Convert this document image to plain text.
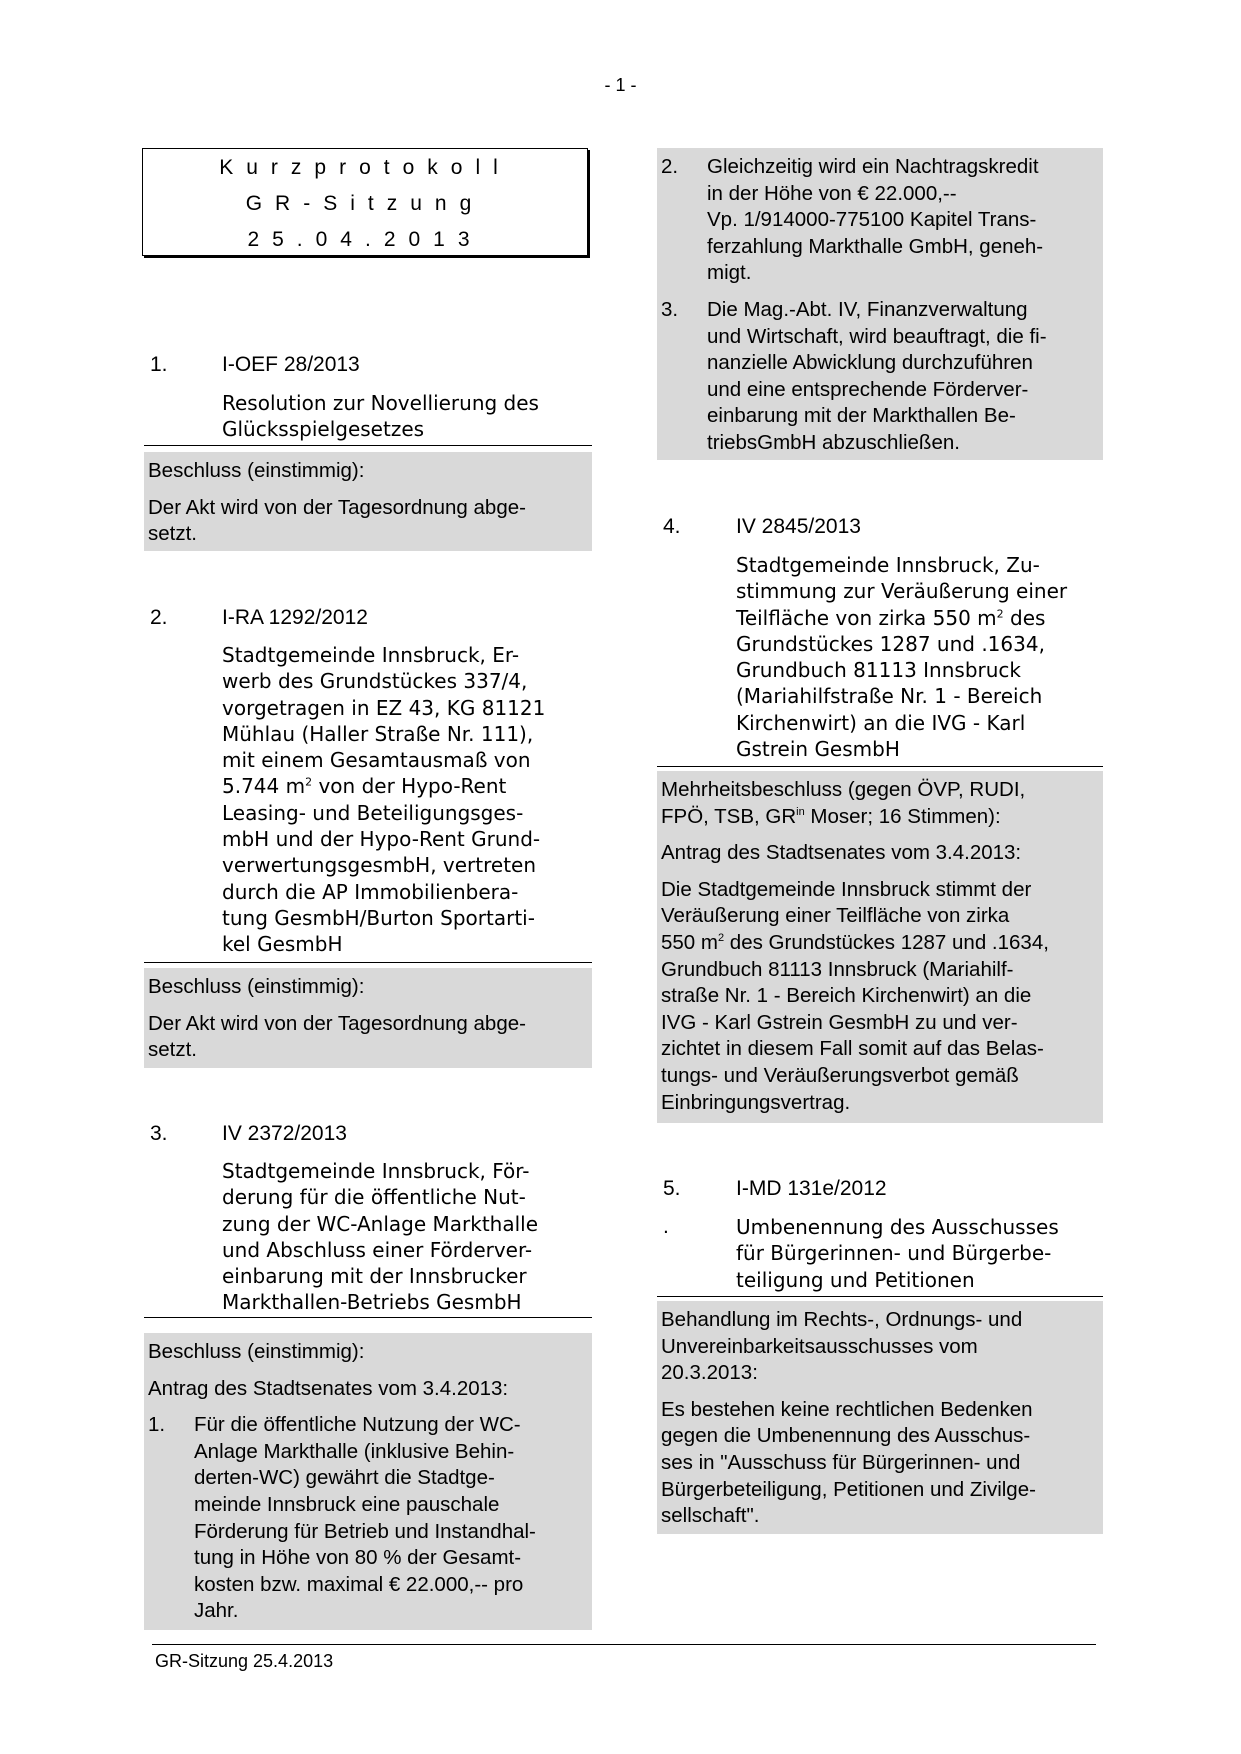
- 1 -
Kurzprotokoll
GR-Sitzung
25.04.2013
1.	I-OEF 28/2013
Resolution zur Novellierung des
Glücksspielgesetzes

Beschluss (einstimmig):

Der Akt wird von der Tagesordnung abge-
setzt.

2.	I-RA 1292/2012
Stadtgemeinde Innsbruck, Er-
werb des Grundstückes 337/4,
vorgetragen in EZ 43, KG 81121
Mühlau (Haller Straße Nr. 111),
mit einem Gesamtausmaß von
5.744 $m^2$ von der Hypo-Rent
Leasing- und Beteiligungsges-
mbH und der Hypo-Rent Grund-
verwertungsgesmbH, vertreten
durch die AP Immobilienbera-
tung GesmbH/Burton Sportarti-
kel GesmbH

Beschluss (einstimmig):

Der Akt wird von der Tagesordnung abge-
setzt.

3.	IV 2372/2013
Stadtgemeinde Innsbruck, För-
derung für die öffentliche Nut-
zung der WC-Anlage Markthalle
und Abschluss einer Förderver-
einbarung mit der Innsbrucker
Markthallen-Betriebs GesmbH

Beschluss (einstimmig):

Antrag des Stadtsenates vom 3.4.2013:

1.	Für die öffentliche Nutzung der WC-
Anlage Markthalle (inklusive Behin-
derten-WC) gewährt die Stadtge-
meinde Innsbruck eine pauschale
Förderung für Betrieb und Instandhal-
tung in Höhe von 80 % der Gesamt-
kosten bzw. maximal € 22.000,-- pro
Jahr.
2.	Gleichzeitig wird ein Nachtragskredit
in der Höhe von € 22.000,--
Vp. 1/914000-775100 Kapitel Trans-
ferzahlung Markthalle GmbH, geneh-
migt.
3.	Die Mag.-Abt. IV, Finanzverwaltung
und Wirtschaft, wird beauftragt, die fi-
nanzielle Abwicklung durchzuführen
und eine entsprechende Förderver-
einbarung mit der Markthallen Be-
triebsGmbH abzuschließen.
4.	IV 2845/2013
Stadtgemeinde Innsbruck, Zu-
stimmung zur Veräußerung einer
Teilfläche von zirka 550 $m^2$ des
Grundstückes 1287 und .1634,
Grundbuch 81113 Innsbruck
(Mariahilfstraße Nr. 1 - Bereich
Kirchenwirt) an die IVG - Karl
Gstrein GesmbH

Mehrheitsbeschluss (gegen ÖVP, RUDI,
FPÖ, TSB, $GR^{in}$ Moser; 16 Stimmen):

Antrag des Stadtsenates vom 3.4.2013:

Die Stadtgemeinde Innsbruck stimmt der
Veräußerung einer Teilfläche von zirka
550 $m^2$ des Grundstückes 1287 und .1634,
Grundbuch 81113 Innsbruck (Mariahilf-
straße Nr. 1 - Bereich Kirchenwirt) an die
IVG - Karl Gstrein GesmbH zu und ver-
zichtet in diesem Fall somit auf das Belas-
tungs- und Veräußerungsverbot gemäß
Einbringungsvertrag.

5.	I-MD 131e/2012
.	Umbenennung des Ausschusses
für Bürgerinnen- und Bürgerbe-
teiligung und Petitionen

Behandlung im Rechts-, Ordnungs- und
Unvereinbarkeitsausschusses vom
20.3.2013:

Es bestehen keine rechtlichen Bedenken
gegen die Umbenennung des Ausschus-
ses in "Ausschuss für Bürgerinnen- und
Bürgerbeteiligung, Petitionen und Zivilge-
sellschaft".

GR-Sitzung 25.4.2013
